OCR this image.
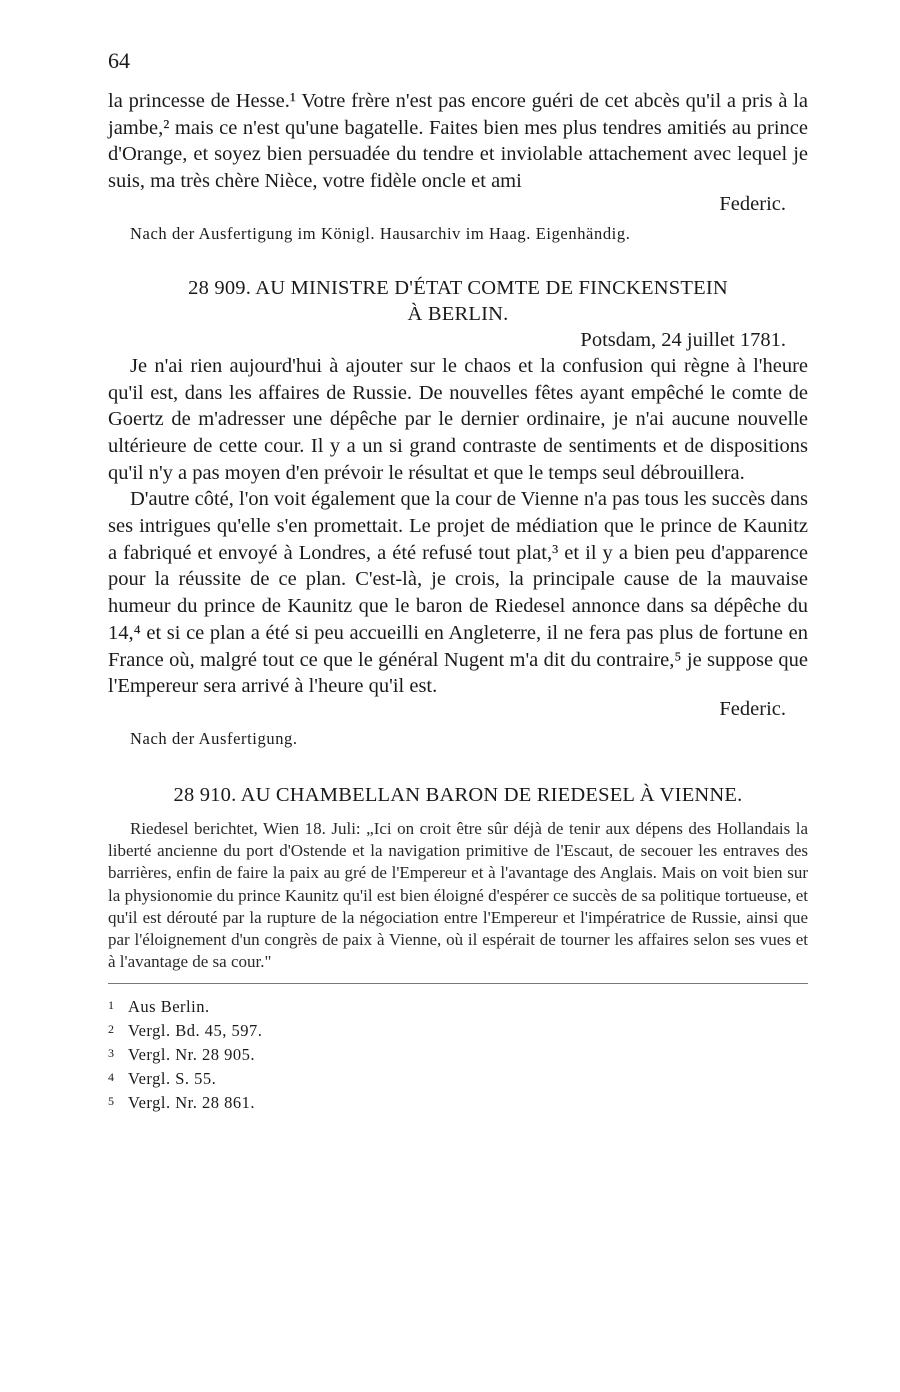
64

la princesse de Hesse.¹ Votre frère n'est pas encore guéri de cet abcès qu'il a pris à la jambe,² mais ce n'est qu'une bagatelle. Faites bien mes plus tendres amitiés au prince d'Orange, et soyez bien persuadée du tendre et inviolable attachement avec lequel je suis, ma très chère Nièce, votre fidèle oncle et ami

Federic.
Nach der Ausfertigung im Königl. Hausarchiv im Haag. Eigenhändig.
28 909. AU MINISTRE D'ÉTAT COMTE DE FINCKENSTEIN
À BERLIN.
Potsdam, 24 juillet 1781.

Je n'ai rien aujourd'hui à ajouter sur le chaos et la confusion qui règne à l'heure qu'il est, dans les affaires de Russie. De nouvelles fêtes ayant empêché le comte de Goertz de m'adresser une dépêche par le dernier ordinaire, je n'ai aucune nouvelle ultérieure de cette cour. Il y a un si grand contraste de sentiments et de dispositions qu'il n'y a pas moyen d'en prévoir le résultat et que le temps seul débrouillera.

D'autre côté, l'on voit également que la cour de Vienne n'a pas tous les succès dans ses intrigues qu'elle s'en promettait. Le projet de médiation que le prince de Kaunitz a fabriqué et envoyé à Londres, a été refusé tout plat,³ et il y a bien peu d'apparence pour la réussite de ce plan. C'est-là, je crois, la principale cause de la mauvaise humeur du prince de Kaunitz que le baron de Riedesel annonce dans sa dépêche du 14,⁴ et si ce plan a été si peu accueilli en Angleterre, il ne fera pas plus de fortune en France où, malgré tout ce que le général Nugent m'a dit du contraire,⁵ je suppose que l'Empereur sera arrivé à l'heure qu'il est.

Federic.
Nach der Ausfertigung.
28 910. AU CHAMBELLAN BARON DE RIEDESEL À VIENNE.

Riedesel berichtet, Wien 18. Juli: „Ici on croit être sûr déjà de tenir aux dépens des Hollandais la liberté ancienne du port d'Ostende et la navigation primitive de l'Escaut, de secouer les entraves des barrières, enfin de faire la paix au gré de l'Empereur et à l'avantage des Anglais. Mais on voit bien sur la physionomie du prince Kaunitz qu'il est bien éloigné d'espérer ce succès de sa politique tortueuse, et qu'il est dérouté par la rupture de la négociation entre l'Empereur et l'impératrice de Russie, ainsi que par l'éloignement d'un congrès de paix à Vienne, où il espérait de tourner les affaires selon ses vues et à l'avantage de sa cour."

1 Aus Berlin.
2 Vergl. Bd. 45, 597.
3 Vergl. Nr. 28 905.
4 Vergl. S. 55.
5 Vergl. Nr. 28 861.
